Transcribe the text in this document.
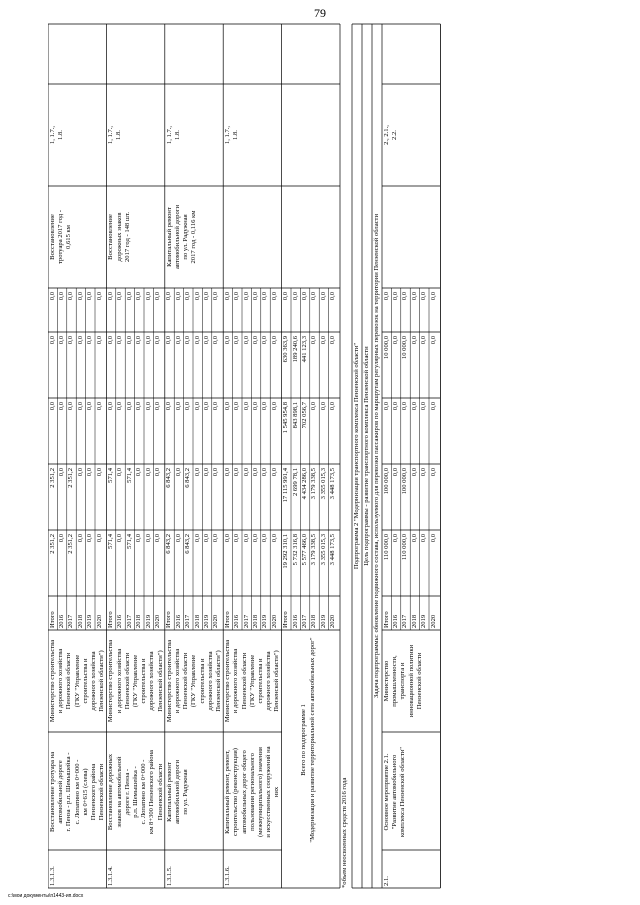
79
1.3.1.3.
Восстановление тротуара на автомобильной дороге г. Пенза - р.п. Шемышейка - с. Лопатино км 0+000 - км 0+615 (слева) Пензенского района Пензенской области
Министерство строительства и дорожного хозяйства Пензенской области (ГКУ "Управление строительства и дорожного хозяйства Пензенской области")
Восстановление тротуара 2017 год - 0,615 км
1, 1.7., 1.8.
Итого
2 351,2
2 351,2
0,0
0,0
0,0
2016
0,0
0,0
0,0
0,0
0,0
2017
2 351,2
2 351,2
0,0
0,0
0,0
2018
0,0
0,0
0,0
0,0
0,0
2019
0,0
0,0
0,0
0,0
0,0
2020
0,0
0,0
0,0
0,0
0,0
1.3.1.4.
Восстановление дорожных знаков на автомобильной дороге г. Пенза - р.п. Шемышейка - с. Лопатино км 0+000 - км 8+300 Пензенского района Пензенской области
Министерство строительства и дорожного хозяйства Пензенской области (ГКУ "Управление строительства и дорожного хозяйства Пензенской области")
Восстановление дорожных знаков 2017 год - 148 шт.
1, 1.7., 1.8.
Итого
571,4
571,4
0,0
0,0
0,0
2016
0,0
0,0
0,0
0,0
0,0
2017
571,4
571,4
0,0
0,0
0,0
2018
0,0
0,0
0,0
0,0
0,0
2019
0,0
0,0
0,0
0,0
0,0
2020
0,0
0,0
0,0
0,0
0,0
1.3.1.5.
Капитальный ремонт автомобильной дороги по ул. Радужная
Министерство строительства и дорожного хозяйства Пензенской области (ГКУ "Управление строительства и дорожного хозяйства Пензенской области")
Капитальный ремонт автомобильной дороги по ул. Радужная 2017 год - 0,116 км
1, 1.7., 1.8.
Итого
6 843,2
6 843,2
0,0
0,0
0,0
2016
0,0
0,0
0,0
0,0
0,0
2017
6 843,2
6 843,2
0,0
0,0
0,0
2018
0,0
0,0
0,0
0,0
0,0
2019
0,0
0,0
0,0
0,0
0,0
2020
0,0
0,0
0,0
0,0
0,0
1.3.1.6.
Капитальный ремонт, ремонт, строительство (реконструкция) автомобильных дорог общего пользования регионального (межмуниципального) значения и искусственных сооружений на них
Министерство строительства и дорожного хозяйства Пензенской области (ГКУ "Управление строительства и дорожного хозяйства Пензенской области")
1, 1.7., 1.8.
Итого
0,0
0,0
0,0
0,0
0,0
2016
0,0
0,0
0,0
0,0
0,0
2017
0,0
0,0
0,0
0,0
0,0
2018
0,0
0,0
0,0
0,0
0,0
2019
0,0
0,0
0,0
0,0
0,0
2020
0,0
0,0
0,0
0,0
0,0
Всего по подпрограмме 1 "Модернизация и развитие территориальной сети автомобильных дорог"
Итого
19 292 310,1
17 115 991,4
1 545 954,8
630 363,9
0,0
2016
5 732 316,8
2 699 78,1
843 898,1
189 240,6
0,0
2017
5 577 466,0
4 434 286,0
702 056,7
441 123,3
0,0
2018
3 179 338,5
3 179 338,5
0,0
0,0
0,0
2019
3 355 015,3
3 355 015,3
0,0
0,0
0,0
2020
3 448 173,5
3 448 173,5
0,0
0,0
0,0
*объем неосвоенных средств 2016 года
Подпрограмма 2 "Модернизация транспортного комплекса Пензенской области" Цель подпрограммы - развитие транспортного комплекса Пензенской области Задача подпрограммы: обновление подвижного состава, используемого для перевозки пассажиров по маршрутам регулярных перевозок на территории Пензенской области
2.1.
Основное мероприятие 2.1. "Развитие автомобильного комплекса Пензенской области"
Министерство промышленности, транспорта и инновационной политики Пензенской области
2., 2.1., 2.2.
Итого
110 000,0
100 000,0
0,0
10 000,0
0,0
2016
0,0
0,0
0,0
0,0
0,0
2017
110 000,0
100 000,0
0,0
10 000,0
0,0
2018
0,0
0,0
0,0
0,0
0,0
2019
0,0
0,0
0,0
0,0
0,0
2020
0,0
0,0
0,0
0,0
0,0
c:\мои документы\п1443-ип.docx
